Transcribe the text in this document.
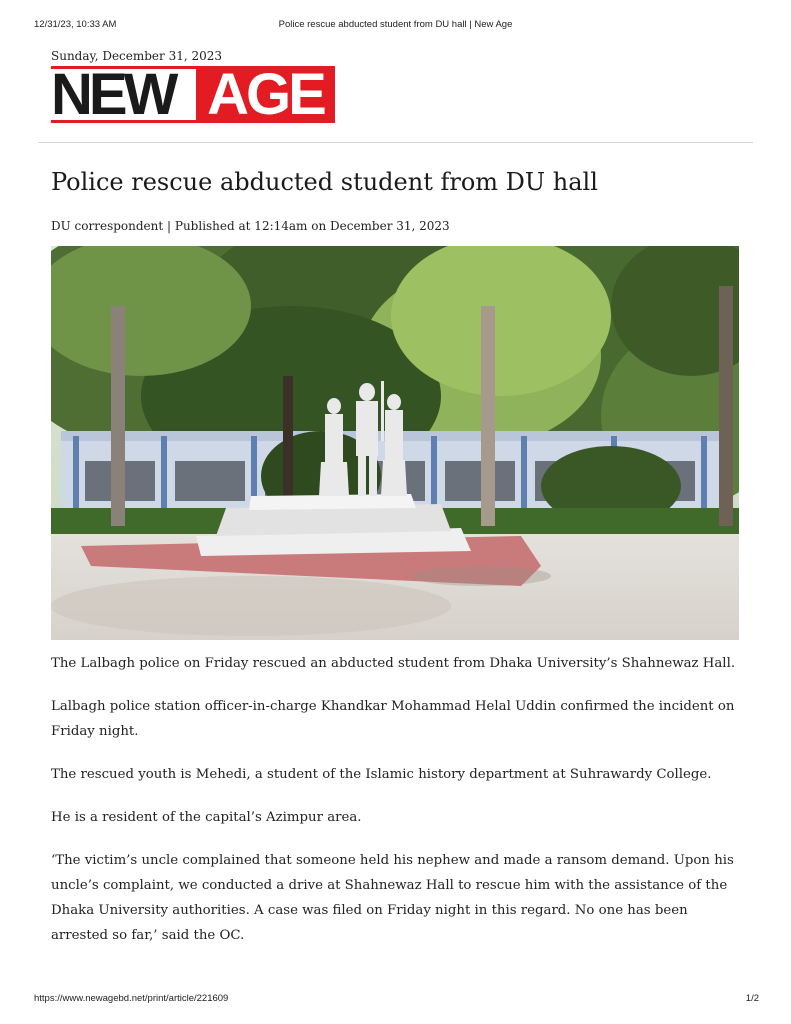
12/31/23, 10:33 AM	Police rescue abducted student from DU hall | New Age
Sunday, December 31, 2023
NEW AGE
Police rescue abducted student from DU hall
DU correspondent | Published at 12:14am on December 31, 2023

The Lalbagh police on Friday rescued an abducted student from Dhaka University’s Shahnewaz Hall.

Lalbagh police station officer-in-charge Khandkar Mohammad Helal Uddin confirmed the incident on Friday night.

The rescued youth is Mehedi, a student of the Islamic history department at Suhrawardy College.

He is a resident of the capital’s Azimpur area.

‘The victim’s uncle complained that someone held his nephew and made a ransom demand. Upon his uncle’s complaint, we conducted a drive at Shahnewaz Hall to rescue him with the assistance of the Dhaka University authorities. A case was filed on Friday night in this regard. No one has been arrested so far,’ said the OC.

https://www.newagebd.net/print/article/221609	1/2
